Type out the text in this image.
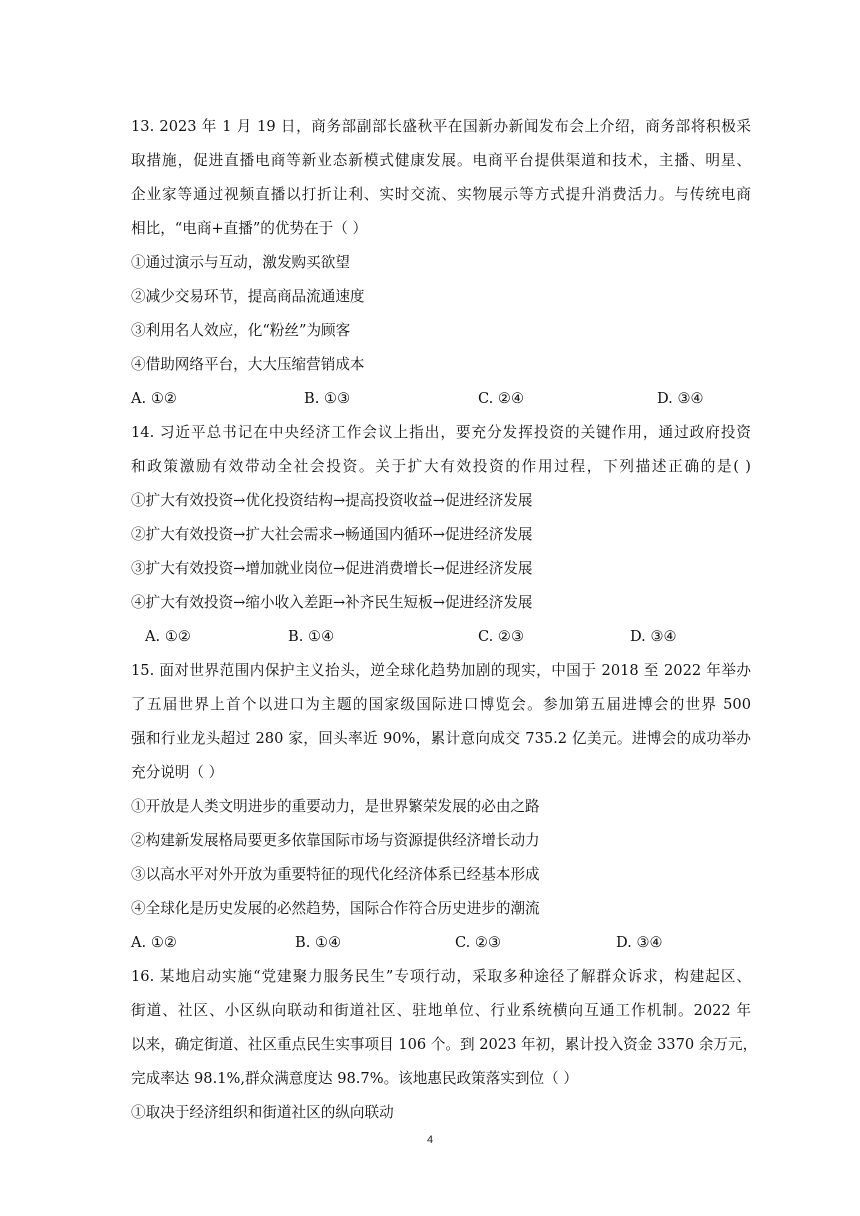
13. 2023 年 1 月 19 日，商务部副部长盛秋平在国新办新闻发布会上介绍，商务部将积极采
取措施，促进直播电商等新业态新模式健康发展。电商平台提供渠道和技术，主播、明星、
企业家等通过视频直播以打折让利、实时交流、实物展示等方式提升消费活力。与传统电商
相比，“电商+直播”的优势在于（ ）
①通过演示与互动，激发购买欲望
②减少交易环节，提高商品流通速度
③利用名人效应，化“粉丝”为顾客
④借助网络平台，大大压缩营销成本
A. ①②	B. ①③	C. ②④	D. ③④
14. 习近平总书记在中央经济工作会议上指出，要充分发挥投资的关键作用，通过政府投资
和政策激励有效带动全社会投资。关于扩大有效投资的作用过程，下列描述正确的是( )
①扩大有效投资→优化投资结构→提高投资收益→促进经济发展
②扩大有效投资→扩大社会需求→畅通国内循环→促进经济发展
③扩大有效投资→增加就业岗位→促进消费增长→促进经济发展
④扩大有效投资→缩小收入差距→补齐民生短板→促进经济发展
A. ①②	B. ①④	C. ②③	D. ③④
15. 面对世界范围内保护主义抬头，逆全球化趋势加剧的现实，中国于 2018 至 2022 年举办
了五届世界上首个以进口为主题的国家级国际进口博览会。参加第五届进博会的世界 500
强和行业龙头超过 280 家，回头率近 90%，累计意向成交 735.2 亿美元。进博会的成功举办
充分说明（ ）
①开放是人类文明进步的重要动力，是世界繁荣发展的必由之路
②构建新发展格局要更多依靠国际市场与资源提供经济增长动力
③以高水平对外开放为重要特征的现代化经济体系已经基本形成
④全球化是历史发展的必然趋势，国际合作符合历史进步的潮流
A. ①②	B. ①④	C. ②③	D. ③④
16. 某地启动实施“党建聚力服务民生”专项行动，采取多种途径了解群众诉求，构建起区、
街道、社区、小区纵向联动和街道社区、驻地单位、行业系统横向互通工作机制。2022 年
以来，确定街道、社区重点民生实事项目 106 个。到 2023 年初，累计投入资金 3370 余万元，
完成率达 98.1%,群众满意度达 98.7%。该地惠民政策落实到位（ ）
①取决于经济组织和街道社区的纵向联动
4
